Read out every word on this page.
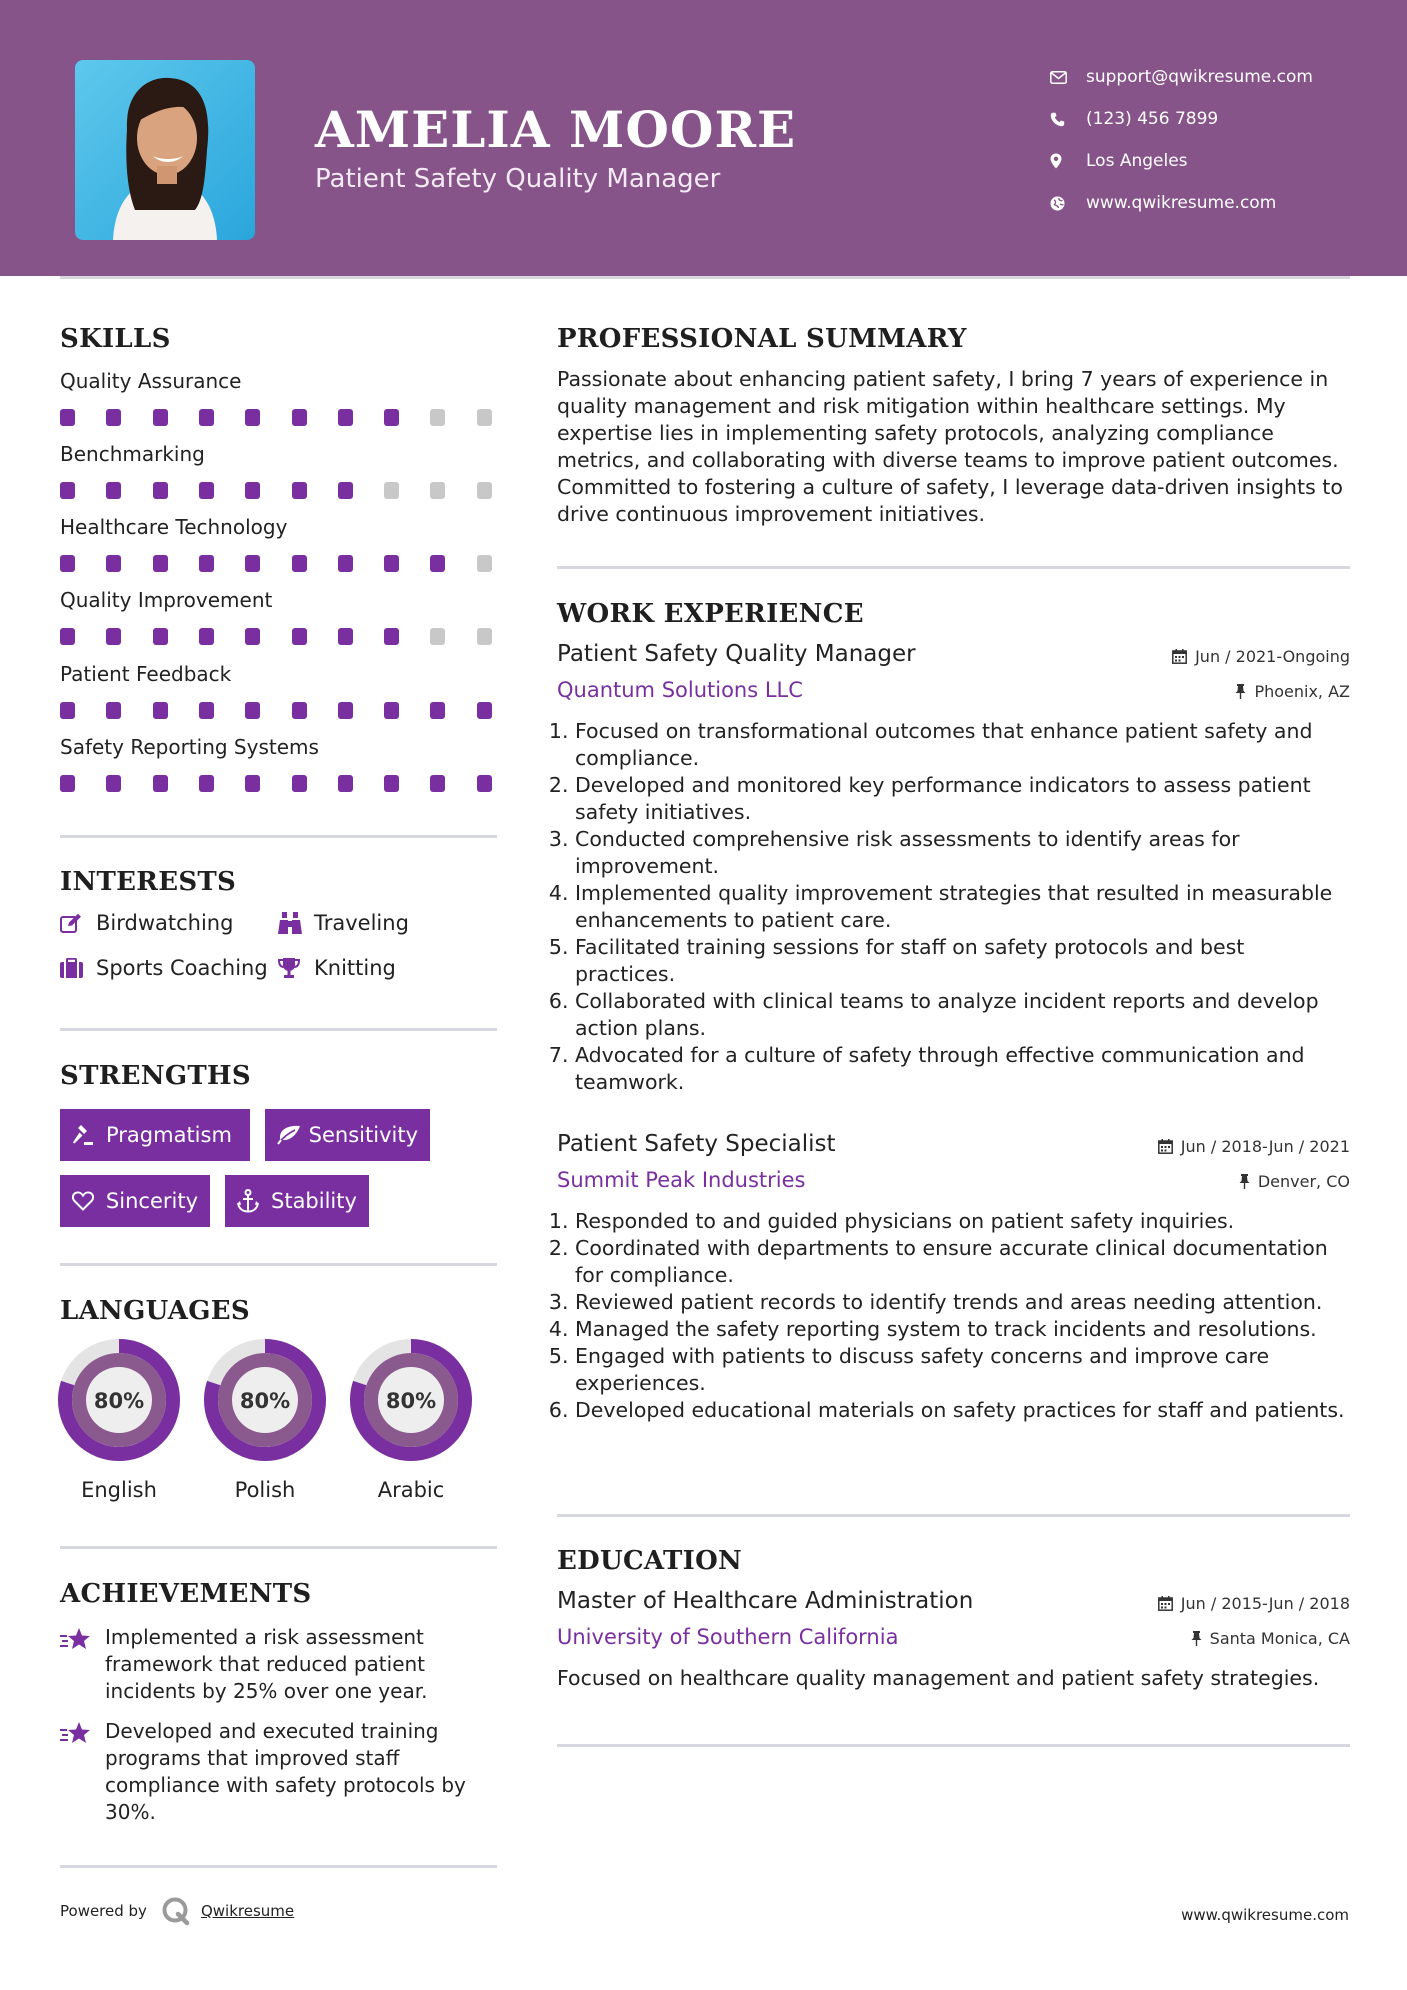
AMELIA MOORE
Patient Safety Quality Manager
support@qwikresume.com
(123) 456 7899
Los Angeles
www.qwikresume.com
SKILLS
Quality Assurance
Benchmarking
Healthcare Technology
Quality Improvement
Patient Feedback
Safety Reporting Systems
INTERESTS
Birdwatching	Traveling
Sports Coaching Knitting
STRENGTHS
Pragmatism	Sensitivity
Sincerity	Stability
LANGUAGES
80%
English
80%
Polish
80%
Arabic
ACHIEVEMENTS
Implemented a risk assessment framework that reduced patient incidents by 25% over one year.
Developed and executed training programs that improved staff compliance with safety protocols by 30%.
PROFESSIONAL SUMMARY
Passionate about enhancing patient safety, I bring 7 years of experience in quality management and risk mitigation within healthcare settings. My expertise lies in implementing safety protocols, analyzing compliance metrics, and collaborating with diverse teams to improve patient outcomes. Committed to fostering a culture of safety, I leverage data-driven insights to drive continuous improvement initiatives.
WORK EXPERIENCE
Patient Safety Quality Manager	Jun / 2021-Ongoing
Quantum Solutions LLC	Phoenix, AZ
1. Focused on transformational outcomes that enhance patient safety and compliance.
2. Developed and monitored key performance indicators to assess patient safety initiatives.
3. Conducted comprehensive risk assessments to identify areas for improvement.
4. Implemented quality improvement strategies that resulted in measurable enhancements to patient care.
5. Facilitated training sessions for staff on safety protocols and best practices.
6. Collaborated with clinical teams to analyze incident reports and develop action plans.
7. Advocated for a culture of safety through effective communication and teamwork.
Patient Safety Specialist	Jun / 2018-Jun / 2021
Summit Peak Industries	Denver, CO
1. Responded to and guided physicians on patient safety inquiries.
2. Coordinated with departments to ensure accurate clinical documentation for compliance.
3. Reviewed patient records to identify trends and areas needing attention.
4. Managed the safety reporting system to track incidents and resolutions.
5. Engaged with patients to discuss safety concerns and improve care experiences.
6. Developed educational materials on safety practices for staff and patients.
EDUCATION
Master of Healthcare Administration	Jun / 2015-Jun / 2018
University of Southern California	Santa Monica, CA
Focused on healthcare quality management and patient safety strategies.
Powered by	Qwikresume	www.qwikresume.com
